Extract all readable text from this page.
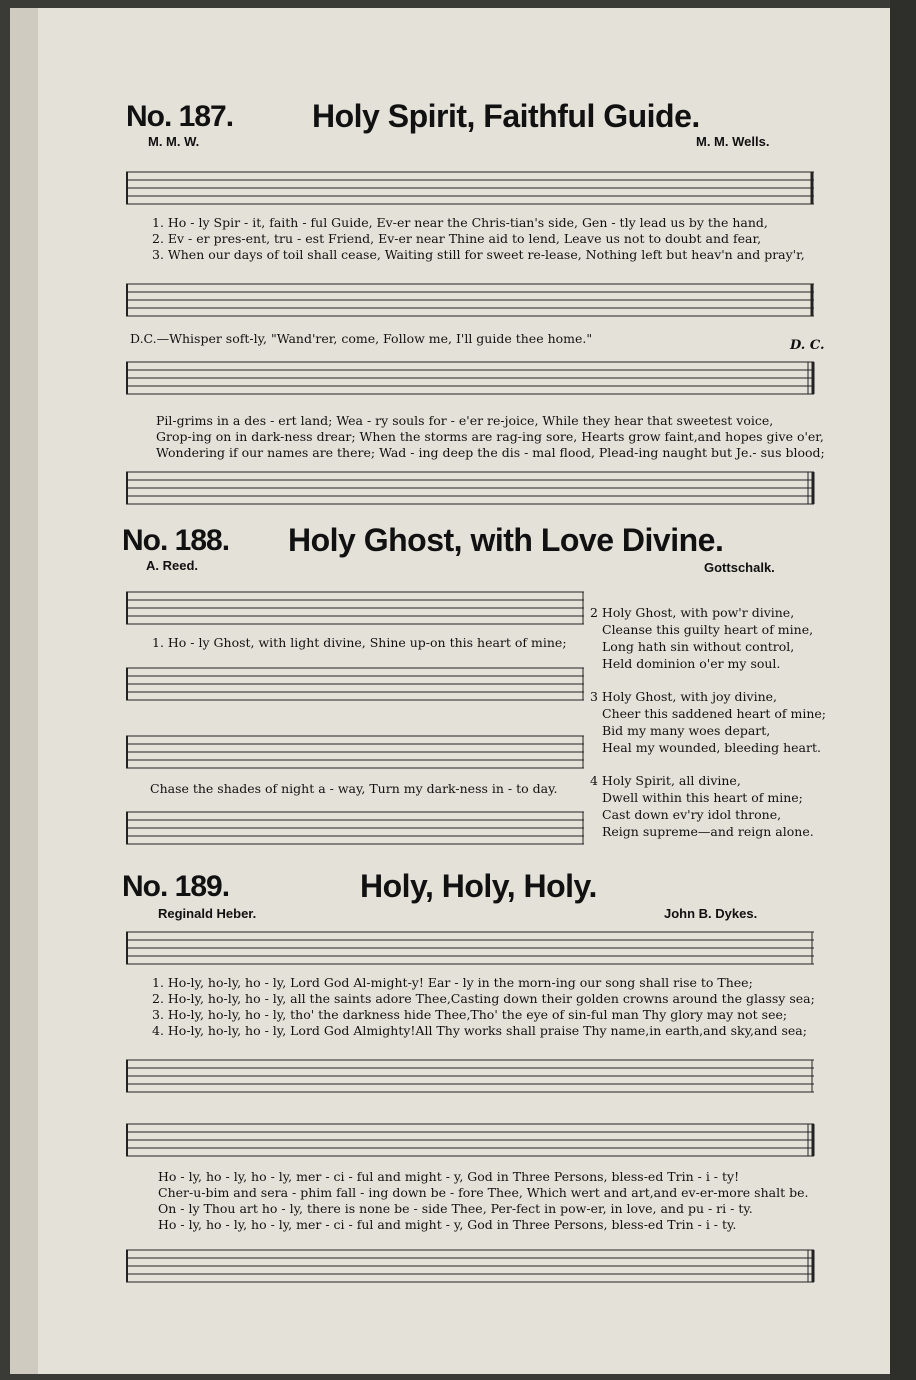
No. 187. Holy Spirit, Faithful Guide.
M. M. W.	M. M. Wells.
1. Ho - ly Spir - it, faith - ful Guide, Ev-er near the Chris-tian's side, Gen - tly lead us by the hand,
2. Ev - er pres-ent, tru - est Friend, Ev-er near Thine aid to lend, Leave us not to doubt and fear,
3. When our days of toil shall cease, Waiting still for sweet re-lease, Nothing left but heav'n and pray'r,
D.C.—Whisper soft-ly, "Wand'rer, come, Follow me, I'll guide thee home."	D. C.
Pil-grims in a des - ert land; Wea - ry souls for - e'er re-joice, While they hear that sweetest voice,
Grop-ing on in dark-ness drear; When the storms are rag-ing sore, Hearts grow faint,and hopes give o'er,
Wondering if our names are there; Wad - ing deep the dis - mal flood, Plead-ing naught but Je.- sus blood;
No. 188. Holy Ghost, with Love Divine.
A. Reed.	Gottschalk.
1. Ho - ly Ghost, with light divine, Shine up-on this heart of mine;
Chase the shades of night a - way, Turn my dark-ness in - to day.
2 Holy Ghost, with pow'r divine,
Cleanse this guilty heart of mine,
Long hath sin without control,
Held dominion o'er my soul.
3 Holy Ghost, with joy divine,
Cheer this saddened heart of mine;
Bid my many woes depart,
Heal my wounded, bleeding heart.
4 Holy Spirit, all divine,
Dwell within this heart of mine;
Cast down ev'ry idol throne,
Reign supreme—and reign alone.
No. 189.	Holy, Holy, Holy.
Reginald Heber.	John B. Dykes.
1. Ho-ly, ho-ly, ho - ly, Lord God Al-might-y! Ear - ly in the morn-ing our song shall rise to Thee;
2. Ho-ly, ho-ly, ho - ly, all the saints adore Thee,Casting down their golden crowns around the glassy sea;
3. Ho-ly, ho-ly, ho - ly, tho' the darkness hide Thee,Tho' the eye of sin-ful man Thy glory may not see;
4. Ho-ly, ho-ly, ho - ly, Lord God Almighty!All Thy works shall praise Thy name,in earth,and sky,and sea;
Ho - ly, ho - ly, ho - ly, mer - ci - ful and might - y, God in Three Persons, bless-ed Trin - i - ty!
Cher-u-bim and sera - phim fall - ing down be - fore Thee, Which wert and art,and ev-er-more shalt be.
On - ly Thou art ho - ly, there is none be - side Thee, Per-fect in pow-er, in love, and pu - ri - ty.
Ho - ly, ho - ly, ho - ly, mer - ci - ful and might - y, God in Three Persons, bless-ed Trin - i - ty.
